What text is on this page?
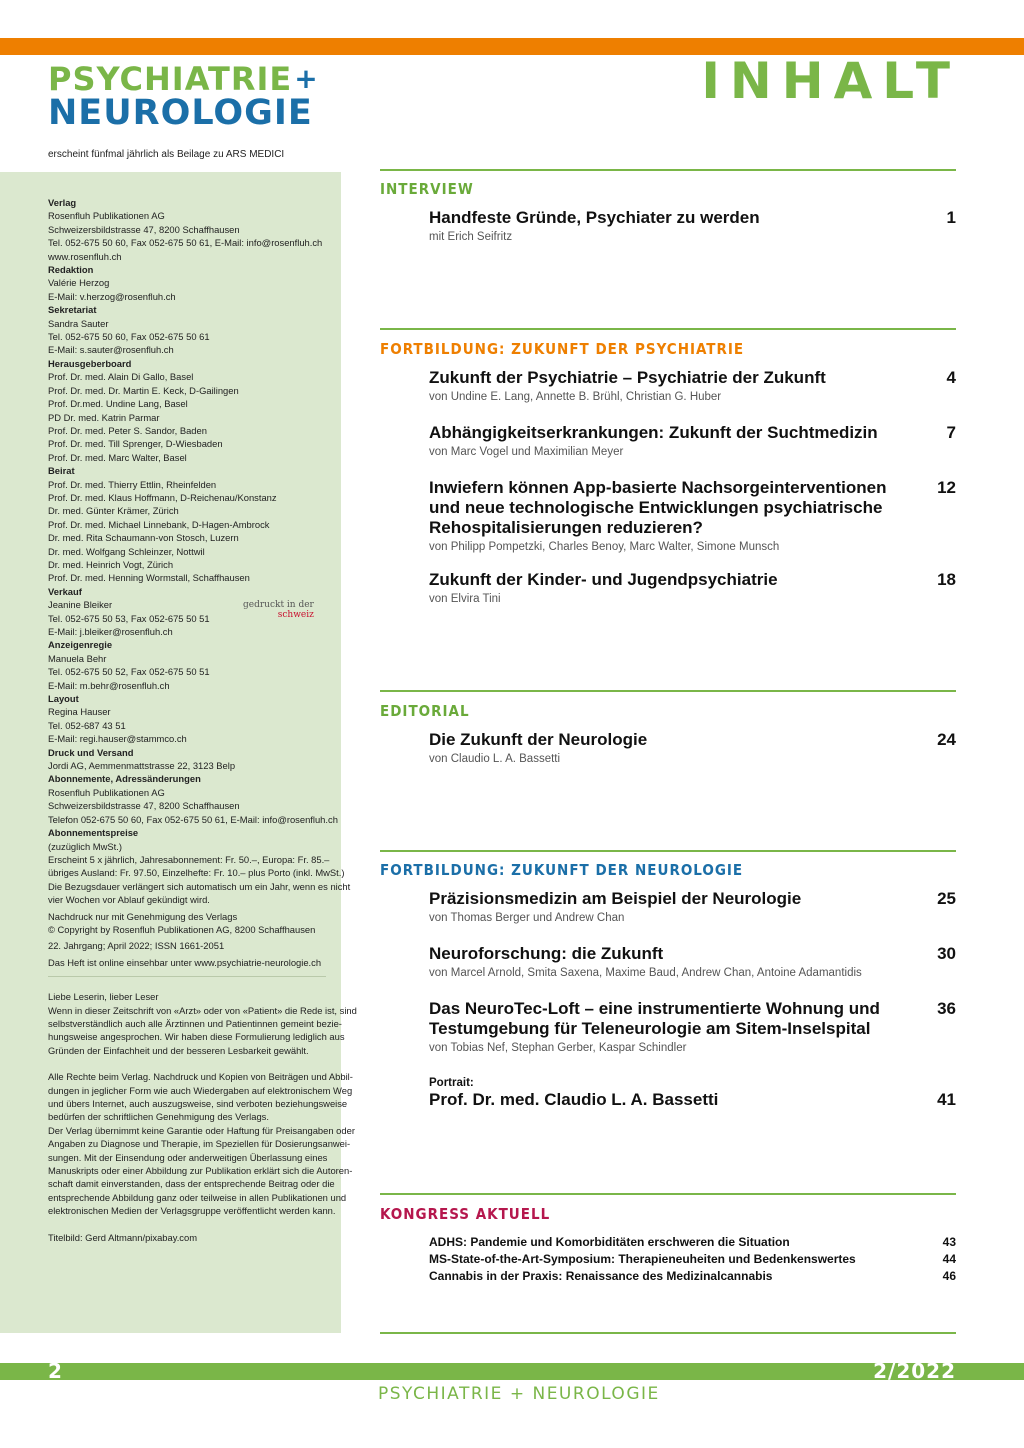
PSYCHIATRIE +
NEUROLOGIE
erscheint fünfmal jährlich als Beilage zu ARS MEDICI
INHALT
Verlag
Rosenfluh Publikationen AG
Schweizersbildstrasse 47, 8200 Schaffhausen
Tel. 052-675 50 60, Fax 052-675 50 61, E-Mail: info@rosenfluh.ch
www.rosenfluh.ch
Redaktion
Valérie Herzog
E-Mail: v.herzog@rosenfluh.ch
Sekretariat
Sandra Sauter
Tel. 052-675 50 60, Fax 052-675 50 61
E-Mail: s.sauter@rosenfluh.ch
Herausgeberboard
Prof. Dr. med. Alain Di Gallo, Basel
Prof. Dr. med. Dr. Martin E. Keck, D-Gailingen
Prof. Dr.med. Undine Lang, Basel
PD Dr. med. Katrin Parmar
Prof. Dr. med. Peter S. Sandor, Baden
Prof. Dr. med. Till Sprenger, D-Wiesbaden
Prof. Dr. med. Marc Walter, Basel
Beirat
Prof. Dr. med. Thierry Ettlin, Rheinfelden
Prof. Dr. med. Klaus Hoffmann, D-Reichenau/Konstanz
Dr. med. Günter Krämer, Zürich
Prof. Dr. med. Michael Linnebank, D-Hagen-Ambrock
Dr. med. Rita Schaumann-von Stosch, Luzern
Dr. med. Wolfgang Schleinzer, Nottwil
Dr. med. Heinrich Vogt, Zürich
Prof. Dr. med. Henning Wormstall, Schaffhausen
Verkauf
Jeanine Bleiker
Tel. 052-675 50 53, Fax 052-675 50 51
E-Mail: j.bleiker@rosenfluh.ch
Anzeigenregie
Manuela Behr
Tel. 052-675 50 52, Fax 052-675 50 51
E-Mail: m.behr@rosenfluh.ch
Layout
Regina Hauser
Tel. 052-687 43 51
E-Mail: regi.hauser@stammco.ch
Druck und Versand
Jordi AG, Aemmenmattstrasse 22, 3123 Belp
Abonnemente, Adressänderungen
Rosenfluh Publikationen AG
Schweizersbildstrasse 47, 8200 Schaffhausen
Telefon 052-675 50 60, Fax 052-675 50 61, E-Mail: info@rosenfluh.ch
Abonnementspreise
(zuzüglich MwSt.)
Erscheint 5 x jährlich, Jahresabonnement: Fr. 50.–, Europa: Fr. 85.–
übriges Ausland: Fr. 97.50, Einzelhefte: Fr. 10.– plus Porto (inkl. MwSt.)
Die Bezugsdauer verlängert sich automatisch um ein Jahr, wenn es nicht
vier Wochen vor Ablauf gekündigt wird.
Nachdruck nur mit Genehmigung des Verlags
© Copyright by Rosenfluh Publikationen AG, 8200 Schaffhausen
22. Jahrgang; April 2022; ISSN 1661-2051
Das Heft ist online einsehbar unter www.psychiatrie-neurologie.ch
Liebe Leserin, lieber Leser
Wenn in dieser Zeitschrift von «Arzt» oder von «Patient» die Rede ist, sind
selbstverständlich auch alle Ärztinnen und Patientinnen gemeint bezie-
hungsweise angesprochen. Wir haben diese Formulierung lediglich aus
Gründen der Einfachheit und der besseren Lesbarkeit gewählt.
Alle Rechte beim Verlag. Nachdruck und Kopien von Beiträgen und Abbil-
dungen in jeglicher Form wie auch Wiedergaben auf elektronischem Weg
und übers Internet, auch auszugsweise, sind verboten beziehungsweise
bedürfen der schriftlichen Genehmigung des Verlags.
Der Verlag übernimmt keine Garantie oder Haftung für Preisangaben oder
Angaben zu Diagnose und Therapie, im Speziellen für Dosierungsanwei-
sungen. Mit der Einsendung oder anderweitigen Überlassung eines
Manuskripts oder einer Abbildung zur Publikation erklärt sich die Autoren-
schaft damit einverstanden, dass der entsprechende Beitrag oder die
entsprechende Abbildung ganz oder teilweise in allen Publikationen und
elektronischen Medien der Verlagsgruppe veröffentlicht werden kann.
Titelbild: Gerd Altmann/pixabay.com
gedruckt in der
schweiz
INTERVIEW
Handfeste Gründe, Psychiater zu werden	1
mit Erich Seifritz
FORTBILDUNG: ZUKUNFT DER PSYCHIATRIE
Zukunft der Psychiatrie – Psychiatrie der Zukunft	4
von Undine E. Lang, Annette B. Brühl, Christian G. Huber
Abhängigkeitserkrankungen: Zukunft der Suchtmedizin	7
von Marc Vogel und Maximilian Meyer
Inwiefern können App-basierte Nachsorgeinterventionen und neue technologische Entwicklungen psychiatrische Rehospitalisierungen reduzieren?
12
von Philipp Pompetzki, Charles Benoy, Marc Walter, Simone Munsch
Zukunft der Kinder- und Jugendpsychiatrie	18
von Elvira Tini
EDITORIAL
Die Zukunft der Neurologie	24
von Claudio L. A. Bassetti
FORTBILDUNG: ZUKUNFT DER NEUROLOGIE
Präzisionsmedizin am Beispiel der Neurologie	25
von Thomas Berger und Andrew Chan
Neuroforschung: die Zukunft	30
von Marcel Arnold, Smita Saxena, Maxime Baud, Andrew Chan, Antoine Adamantidis
Das NeuroTec-Loft – eine instrumentierte Wohnung und Testumgebung für Teleneurologie am Sitem-Inselspital
36
von Tobias Nef, Stephan Gerber, Kaspar Schindler
Portrait:
Prof. Dr. med. Claudio L. A. Bassetti	41
KONGRESS AKTUELL
ADHS: Pandemie und Komorbiditäten erschweren die Situation	43
MS-State-of-the-Art-Symposium: Therapieneuheiten und Bedenkenswertes	44
Cannabis in der Praxis: Renaissance des Medizinalcannabis	46
2	2/2022
PSYCHIATRIE + NEUROLOGIE
